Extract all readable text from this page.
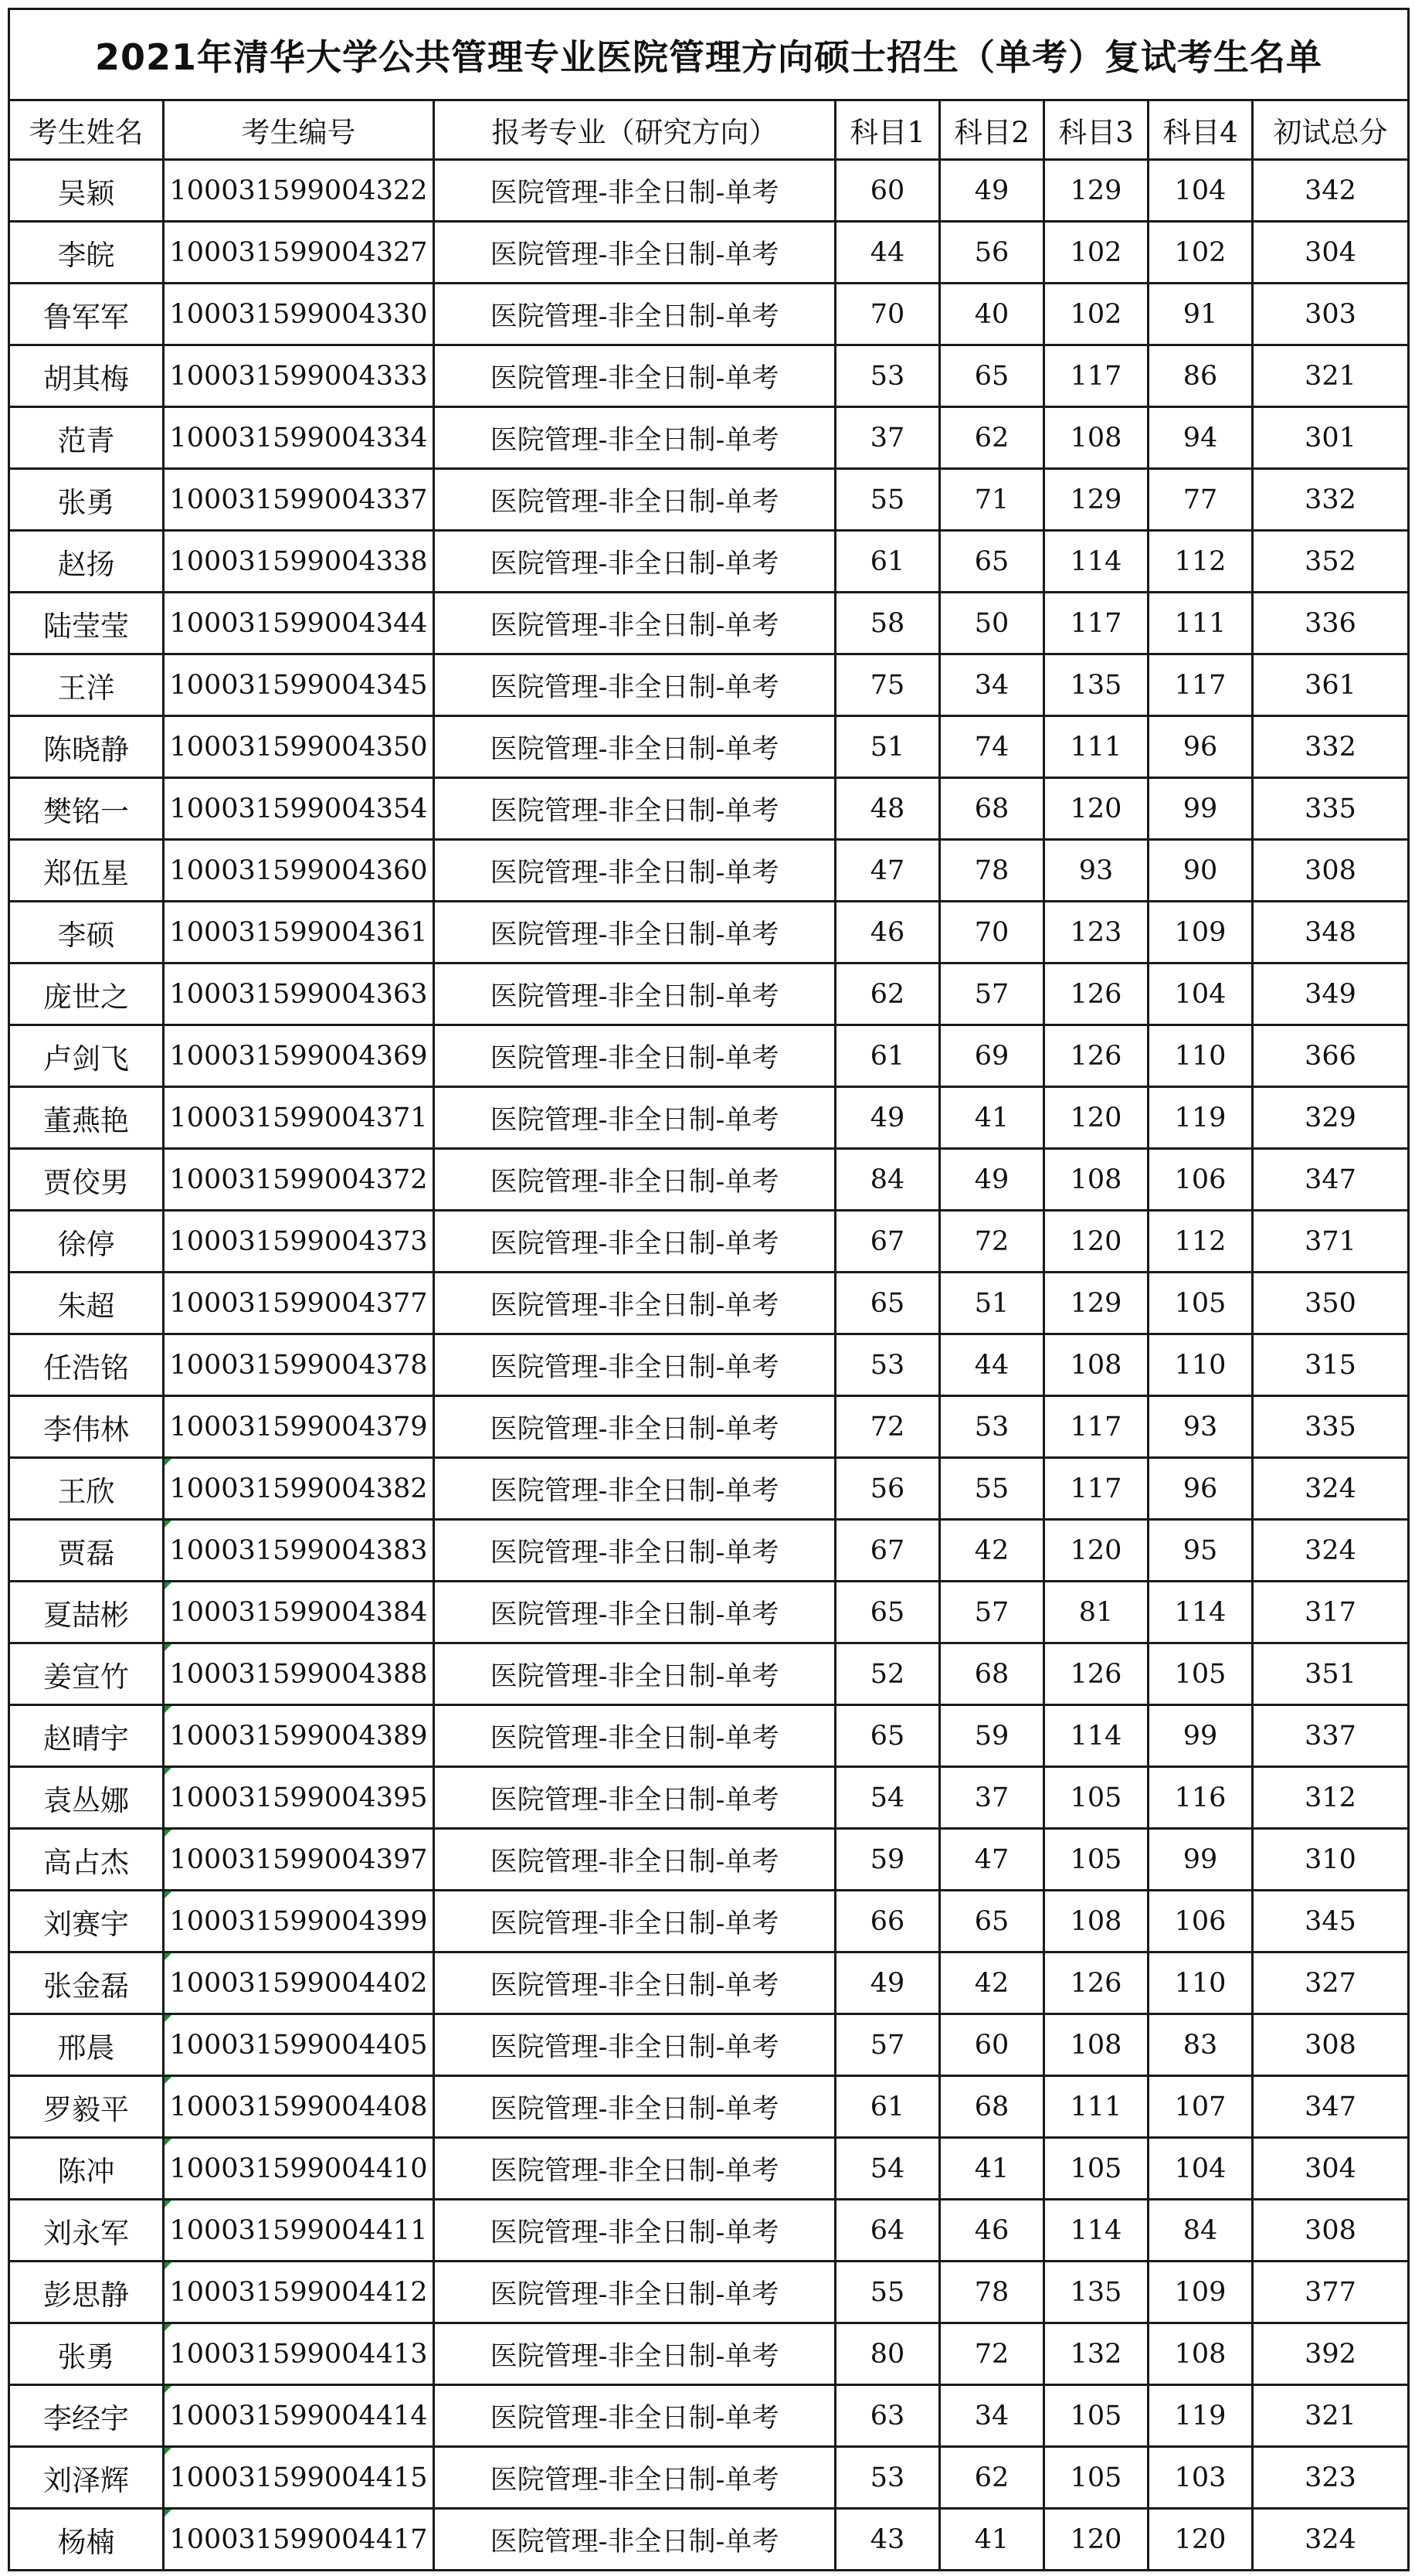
2021年清华大学公共管理专业医院管理方向硕士招生（单考）复试考生名单							
考生姓名	考生编号	报考专业（研究方向）	科目1	科目2	科目3	科目4	初试总分
吴颖	100031599004322	医院管理-非全日制-单考	60	49	129	104	342
李皖	100031599004327	医院管理-非全日制-单考	44	56	102	102	304
鲁军军	100031599004330	医院管理-非全日制-单考	70	40	102	91	303
胡其梅	100031599004333	医院管理-非全日制-单考	53	65	117	86	321
范青	100031599004334	医院管理-非全日制-单考	37	62	108	94	301
张勇	100031599004337	医院管理-非全日制-单考	55	71	129	77	332
赵扬	100031599004338	医院管理-非全日制-单考	61	65	114	112	352
陆莹莹	100031599004344	医院管理-非全日制-单考	58	50	117	111	336
王洋	100031599004345	医院管理-非全日制-单考	75	34	135	117	361
陈晓静	100031599004350	医院管理-非全日制-单考	51	74	111	96	332
樊铭一	100031599004354	医院管理-非全日制-单考	48	68	120	99	335
郑伍星	100031599004360	医院管理-非全日制-单考	47	78	93	90	308
李硕	100031599004361	医院管理-非全日制-单考	46	70	123	109	348
庞世之	100031599004363	医院管理-非全日制-单考	62	57	126	104	349
卢剑飞	100031599004369	医院管理-非全日制-单考	61	69	126	110	366
董燕艳	100031599004371	医院管理-非全日制-单考	49	41	120	119	329
贾佼男	100031599004372	医院管理-非全日制-单考	84	49	108	106	347
徐停	100031599004373	医院管理-非全日制-单考	67	72	120	112	371
朱超	100031599004377	医院管理-非全日制-单考	65	51	129	105	350
任浩铭	100031599004378	医院管理-非全日制-单考	53	44	108	110	315
李伟林	100031599004379	医院管理-非全日制-单考	72	53	117	93	335
王欣	100031599004382	医院管理-非全日制-单考	56	55	117	96	324
贾磊	100031599004383	医院管理-非全日制-单考	67	42	120	95	324
夏喆彬	100031599004384	医院管理-非全日制-单考	65	57	81	114	317
姜宣竹	100031599004388	医院管理-非全日制-单考	52	68	126	105	351
赵晴宇	100031599004389	医院管理-非全日制-单考	65	59	114	99	337
袁丛娜	100031599004395	医院管理-非全日制-单考	54	37	105	116	312
高占杰	100031599004397	医院管理-非全日制-单考	59	47	105	99	310
刘赛宇	100031599004399	医院管理-非全日制-单考	66	65	108	106	345
张金磊	100031599004402	医院管理-非全日制-单考	49	42	126	110	327
邢晨	100031599004405	医院管理-非全日制-单考	57	60	108	83	308
罗毅平	100031599004408	医院管理-非全日制-单考	61	68	111	107	347
陈冲	100031599004410	医院管理-非全日制-单考	54	41	105	104	304
刘永军	100031599004411	医院管理-非全日制-单考	64	46	114	84	308
彭思静	100031599004412	医院管理-非全日制-单考	55	78	135	109	377
张勇	100031599004413	医院管理-非全日制-单考	80	72	132	108	392
李经宇	100031599004414	医院管理-非全日制-单考	63	34	105	119	321
刘泽辉	100031599004415	医院管理-非全日制-单考	53	62	105	103	323
杨楠	100031599004417	医院管理-非全日制-单考	43	41	120	120	324
